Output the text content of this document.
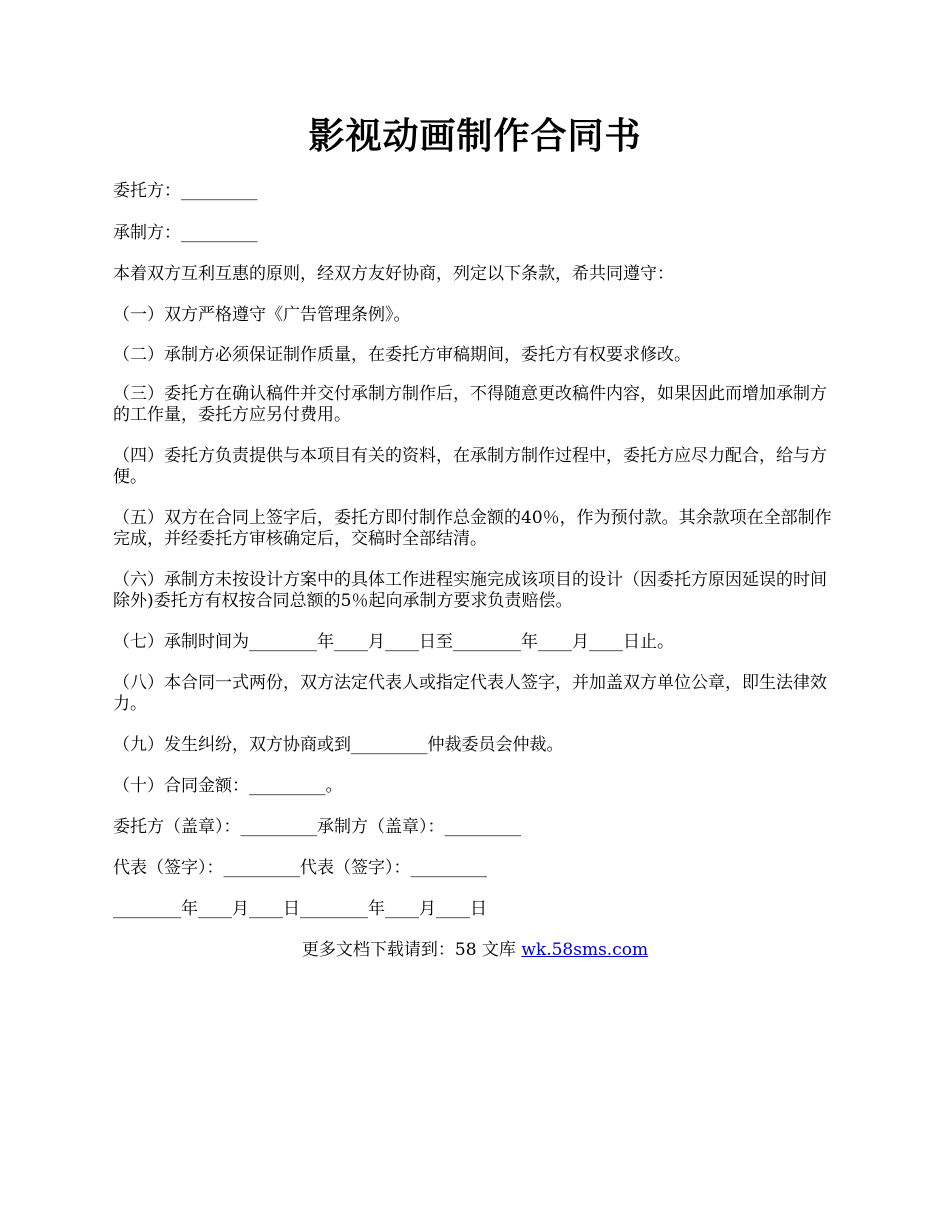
影视动画制作合同书
委托方：_________
承制方：_________
本着双方互利互惠的原则，经双方友好协商，列定以下条款，希共同遵守：
（一）双方严格遵守《广告管理条例》。
（二）承制方必须保证制作质量，在委托方审稿期间，委托方有权要求修改。
（三）委托方在确认稿件并交付承制方制作后，不得随意更改稿件内容，如果因此而增加承制方的工作量，委托方应另付费用。
（四）委托方负责提供与本项目有关的资料，在承制方制作过程中，委托方应尽力配合，给与方便。
（五）双方在合同上签字后，委托方即付制作总金额的40％，作为预付款。其余款项在全部制作完成，并经委托方审核确定后，交稿时全部结清。
（六）承制方未按设计方案中的具体工作进程实施完成该项目的设计（因委托方原因延误的时间除外)委托方有权按合同总额的5％起向承制方要求负责赔偿。
（七）承制时间为________年____月____日至________年____月____日止。
（八）本合同一式两份，双方法定代表人或指定代表人签字，并加盖双方单位公章，即生法律效力。
（九）发生纠纷，双方协商或到_________仲裁委员会仲裁。
（十）合同金额：_________。
委托方（盖章）：_________承制方（盖章）：_________
代表（签字）：_________代表（签字）：_________
________年____月____日________年____月____日
更多文档下载请到：58 文库 wk.58sms.com
